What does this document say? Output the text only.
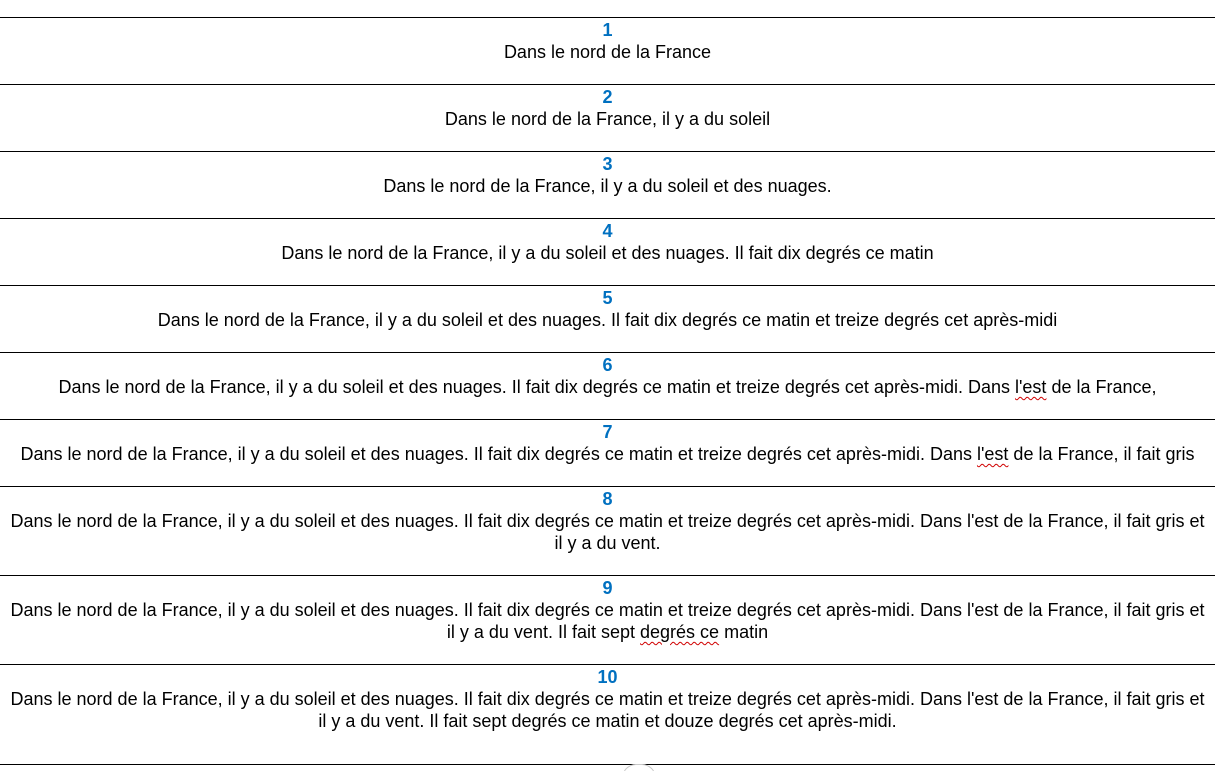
1
Dans le nord de la France
2
Dans le nord de la France, il y a du soleil
3
Dans le nord de la France, il y a du soleil et des nuages.
4
Dans le nord de la France, il y a du soleil et des nuages. Il fait dix degrés ce matin
5
Dans le nord de la France, il y a du soleil et des nuages. Il fait dix degrés ce matin et treize degrés cet après-midi
6
Dans le nord de la France, il y a du soleil et des nuages. Il fait dix degrés ce matin et treize degrés cet après-midi. Dans l'est de la France,
7
Dans le nord de la France, il y a du soleil et des nuages. Il fait dix degrés ce matin et treize degrés cet après-midi. Dans l'est de la France, il fait gris
8
Dans le nord de la France, il y a du soleil et des nuages. Il fait dix degrés ce matin et treize degrés cet après-midi. Dans l'est de la France, il fait gris et
il y a du vent.
9
Dans le nord de la France, il y a du soleil et des nuages. Il fait dix degrés ce matin et treize degrés cet après-midi. Dans l'est de la France, il fait gris et
il y a du vent. Il fait sept degrés ce matin
10
Dans le nord de la France, il y a du soleil et des nuages. Il fait dix degrés ce matin et treize degrés cet après-midi. Dans l'est de la France, il fait gris et
il y a du vent. Il fait sept degrés ce matin et douze degrés cet après-midi.
